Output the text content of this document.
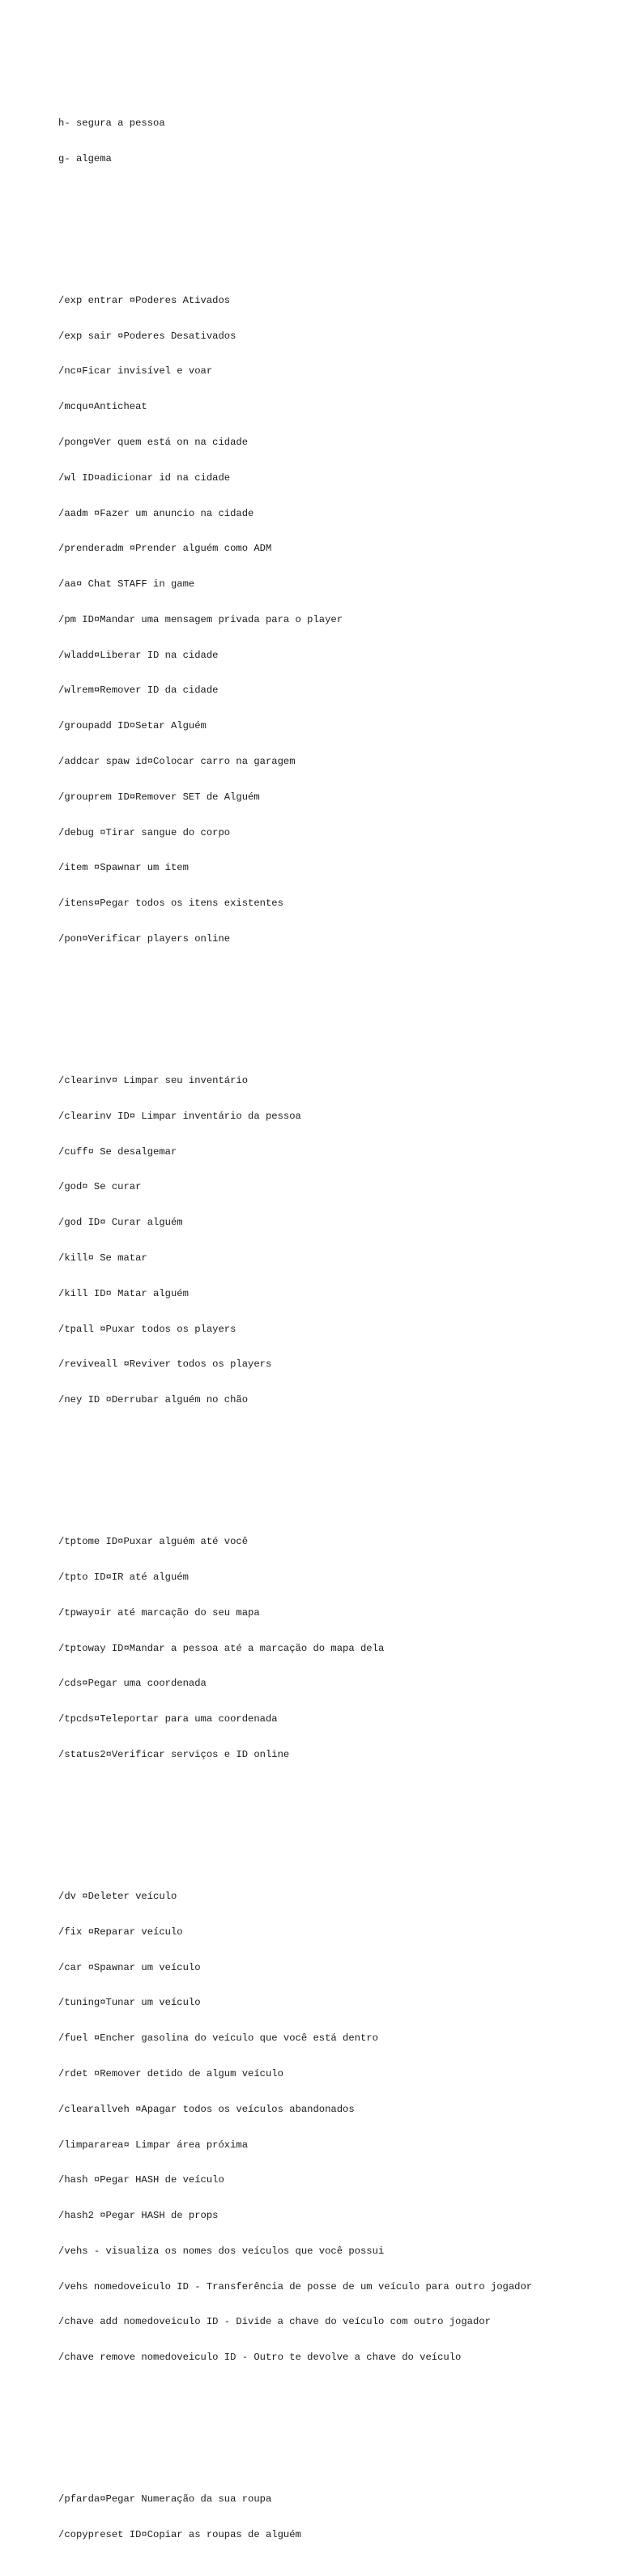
h- segura a pessoa

g- algema

/exp entrar ¤Poderes Ativados

/exp sair ¤Poderes Desativados

/nc¤Ficar invisível e voar

/mcqu¤Anticheat

/pong¤Ver quem está on na cidade

/wl ID¤adicionar id na cidade

/aadm ¤Fazer um anuncio na cidade

/prenderadm ¤Prender alguém como ADM

/aa¤ Chat STAFF in game

/pm ID¤Mandar uma mensagem privada para o player

/wladd¤Liberar ID na cidade

/wlrem¤Remover ID da cidade

/groupadd ID¤Setar Alguém

/addcar spaw id¤Colocar carro na garagem

/grouprem ID¤Remover SET de Alguém

/debug ¤Tirar sangue do corpo

/item ¤Spawnar um item

/itens¤Pegar todos os itens existentes

/pon¤Verificar players online

/clearinv¤ Limpar seu inventário

/clearinv ID¤ Limpar inventário da pessoa

/cuff¤ Se desalgemar

/god¤ Se curar

/god ID¤ Curar alguém

/kill¤ Se matar

/kill ID¤ Matar alguém

/tpall ¤Puxar todos os players

/reviveall ¤Reviver todos os players

/ney ID ¤Derrubar alguém no chão

/tptome ID¤Puxar alguém até você

/tpto ID¤IR até alguém

/tpway¤ir até marcação do seu mapa

/tptoway ID¤Mandar a pessoa até a marcação do mapa dela

/cds¤Pegar uma coordenada

/tpcds¤Teleportar para uma coordenada

/status2¤Verificar serviços e ID online

/dv ¤Deleter veículo

/fix ¤Reparar veículo

/car ¤Spawnar um veículo

/tuning¤Tunar um veículo

/fuel ¤Encher gasolina do veículo que você está dentro

/rdet ¤Remover detido de algum veículo

/clearallveh ¤Apagar todos os veículos abandonados

/limpararea¤ Limpar área próxima

/hash ¤Pegar HASH de veículo

/hash2 ¤Pegar HASH de props

/vehs - visualiza os nomes dos veículos que você possui

/vehs nomedoveiculo ID - Transferência de posse de um veículo para outro jogador

/chave add nomedoveiculo ID - Divide a chave do veículo com outro jogador

/chave remove nomedoveiculo ID - Outro te devolve a chave do veículo

/pfarda¤Pegar Numeração da sua roupa

/copypreset ID¤Copiar as roupas de alguém
